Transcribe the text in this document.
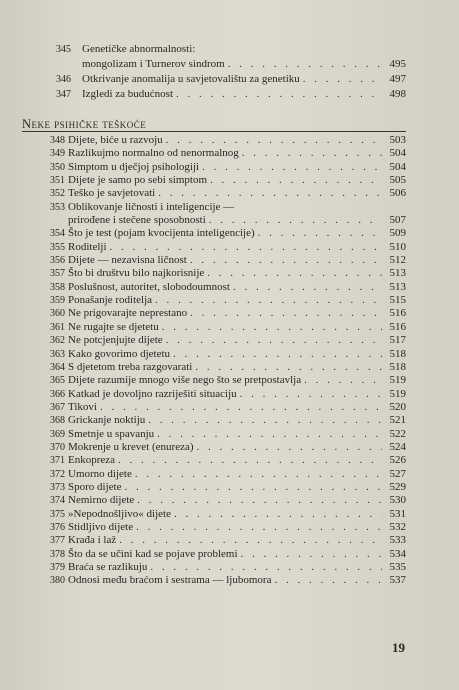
345	Genetičke abnormalnosti:
mongolizam i Turnerov sindrom . . .	495
346	Otkrivanje anomalija u savjetovalištu za genetiku . . .	497
347	Izgledi za budućnost . . .	498
Neke psihičke teškoće
348 Dijete, biće u razvoju . . .	503
349 Razlikujmo normalno od nenormalnog . . .	504
350 Simptom u dječjoj psihologiji . . .	504
351 Dijete je samo po sebi simptom . . .	505
352 Teško je savjetovati . . .	506
353 Oblikovanje ličnosti i inteligencije —
prirođene i stečene sposobnosti . . .	507
354 Što je test (pojam kvocijenta inteligencije) . . .	509
355 Roditelji . . .	510
356 Dijete — nezavisna ličnost . . .	512
357 Što bi društvu bilo najkorisnije . . .	513
358 Poslušnost, autoritet, slobodoumnost . . .	513
359 Ponašanje roditelja . . .	515
360 Ne prigovarajte neprestano . . .	516
361 Ne rugajte se djetetu . . .	516
362 Ne potcjenjujte dijete . . .	517
363 Kako govorimo djetetu . . .	518
364 S djetetom treba razgovarati . . .	518
365 Dijete razumije mnogo više nego što se pretpostavlja . . .	519
366 Katkad je dovoljno razriješiti situaciju . . .	519
367 Tikovi . . .	520
368 Grickanje noktiju . . .	521
369 Smetnje u spavanju . . .	522
370 Mokrenje u krevet (enureza) . . .	524
371 Enkopreza . . .	526
372 Umorno dijete . . .	527
373 Sporo dijete . . .	529
374 Nemirno dijete . . .	530
375 »Nepodnošljivo« dijete . . .	531
376 Stidljivo dijete . . .	532
377 Krađa i laž . . .	533
378 Što da se učini kad se pojave problemi . . .	534
379 Braća se razlikuju . . .	535
380 Odnosi među braćom i sestrama — ljubomora . . .	537
19
